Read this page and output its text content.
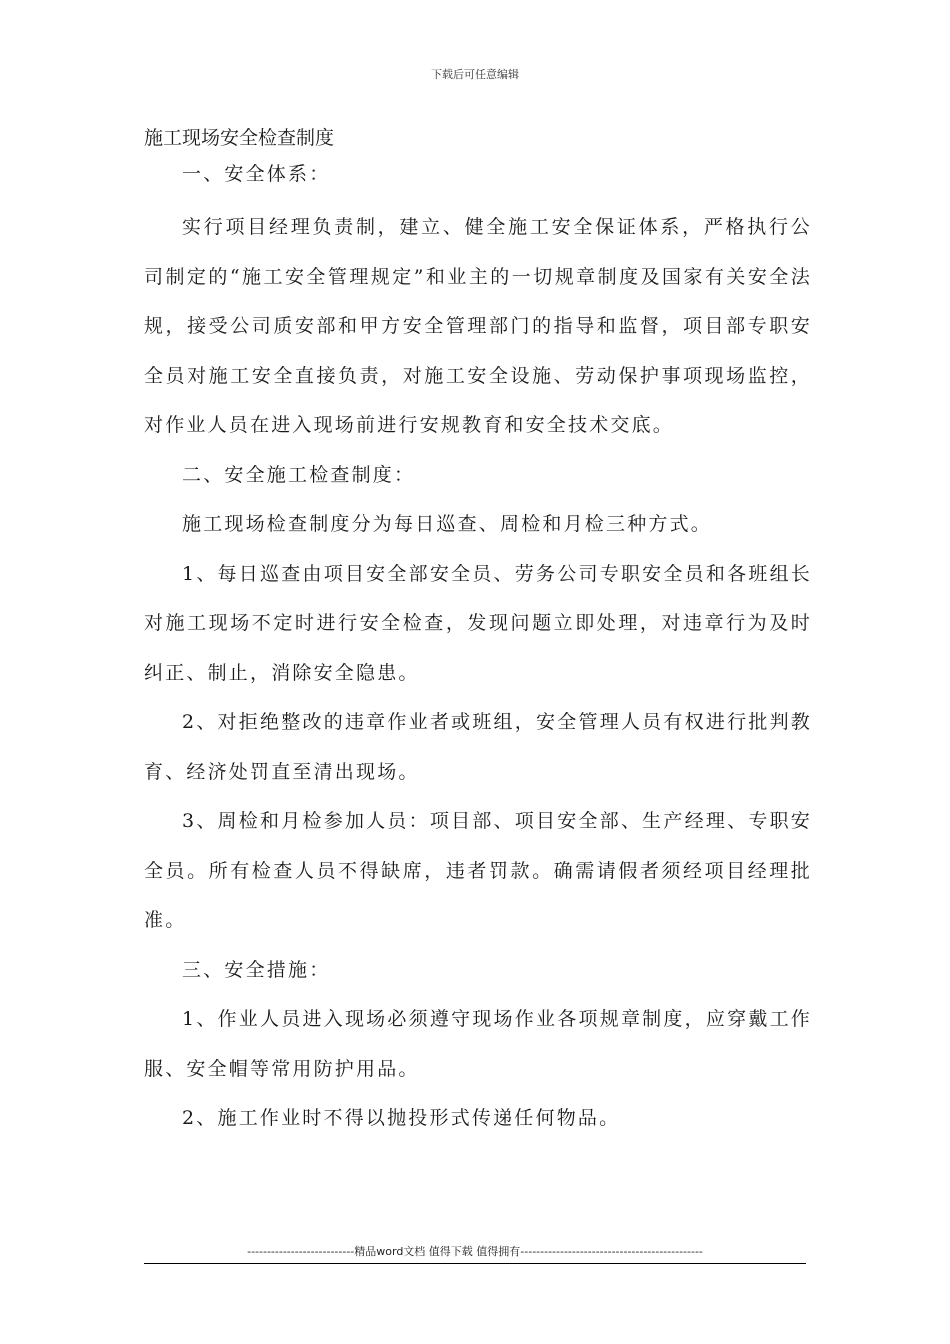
下载后可任意编辑

施工现场安全检查制度

一、安全体系：

实行项目经理负责制，建立、健全施工安全保证体系，严格执行公司制定的“施工安全管理规定”和业主的一切规章制度及国家有关安全法规，接受公司质安部和甲方安全管理部门的指导和监督，项目部专职安全员对施工安全直接负责，对施工安全设施、劳动保护事项现场监控，对作业人员在进入现场前进行安规教育和安全技术交底。

二、安全施工检查制度：

施工现场检查制度分为每日巡查、周检和月检三种方式。

1、每日巡查由项目安全部安全员、劳务公司专职安全员和各班组长对施工现场不定时进行安全检查，发现问题立即处理，对违章行为及时纠正、制止，消除安全隐患。

2、对拒绝整改的违章作业者或班组，安全管理人员有权进行批判教育、经济处罚直至清出现场。

3、周检和月检参加人员：项目部、项目安全部、生产经理、专职安全员。所有检查人员不得缺席，违者罚款。确需请假者须经项目经理批准。

三、安全措施：

1、作业人员进入现场必须遵守现场作业各项规章制度，应穿戴工作服、安全帽等常用防护用品。

2、施工作业时不得以抛投形式传递任何物品。

---------------------------精品word文档 值得下载 值得拥有----------------------------------------------
